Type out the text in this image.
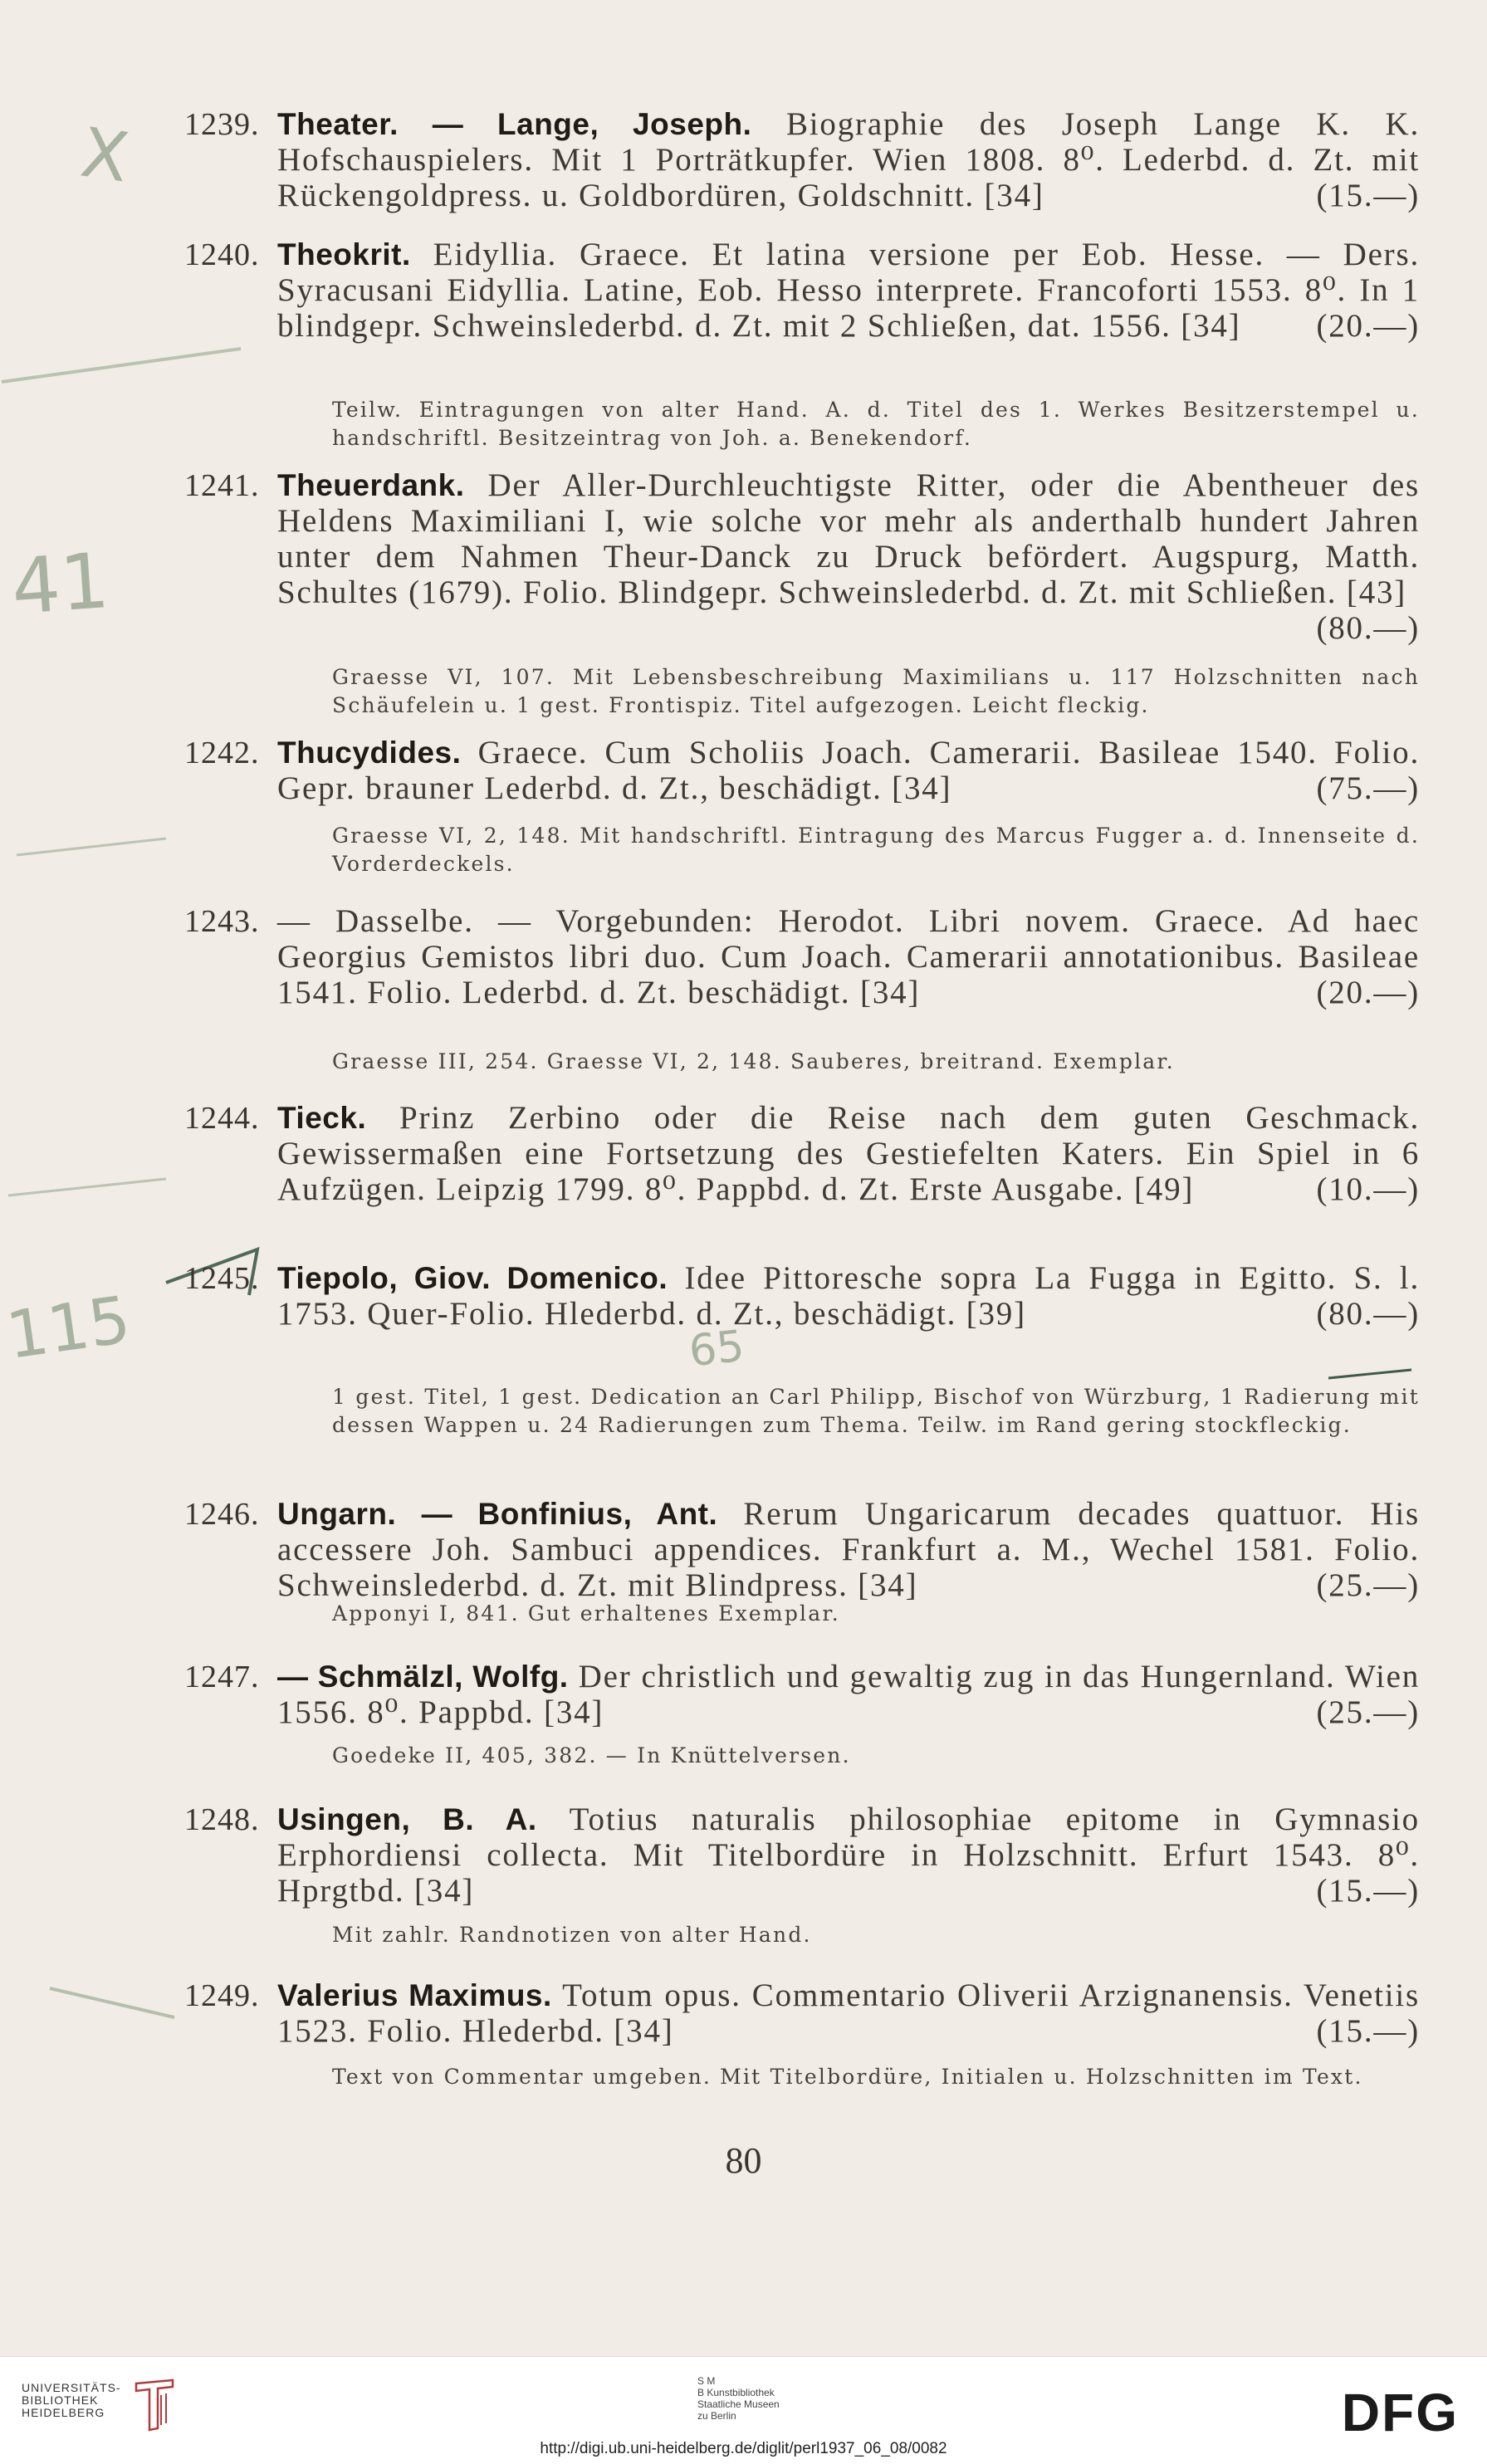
41
115	65
X 1239. Theater. — Lange, Joseph. Biographie des Joseph Lange K. K. Hofschauspielers. Mit 1 Porträtkupfer. Wien 1808. 8⁰. Lederbd. d. Zt. mit Rückengoldpress. u. Goldbordüren, Goldschnitt. [34]	(15.—)
1240. Theokrit. Eidyllia. Graece. Et latina versione per Eob. Hesse. — Ders. Syracusani Eidyllia. Latine, Eob. Hesso interprete. Francoforti 1553. 8⁰. In 1 blindgepr. Schweinslederbd. d. Zt. mit 2 Schließen, dat. 1556. [34] (20.—)
Teilw. Eintragungen von alter Hand. A. d. Titel des 1. Werkes Besitzerstempel u. handschriftl. Besitzeintrag von Joh. a. Benekendorf.
1241. Theuerdank. Der Aller-Durchleuchtigste Ritter, oder die Abentheuer des Heldens Maximiliani I, wie solche vor mehr als anderthalb hundert Jahren unter dem Nahmen Theur-Danck zu Druck befördert. Augspurg, Matth. Schultes (1679). Folio. Blindgepr. Schweinslederbd. d. Zt. mit Schließen. [43]
(80.—)
Graesse VI, 107. Mit Lebensbeschreibung Maximilians u. 117 Holzschnitten nach Schäufelein u. 1 gest. Frontispiz. Titel aufgezogen. Leicht fleckig.
1242. Thucydides. Graece. Cum Scholiis Joach. Camerarii. Basileae 1540. Folio. Gepr. brauner Lederbd. d. Zt., beschädigt. [34]	(75.—)
Graesse VI, 2, 148. Mit handschriftl. Eintragung des Marcus Fugger a. d. Innenseite d. Vorderdeckels.
1243. — Dasselbe. — Vorgebunden: Herodot. Libri novem. Graece. Ad haec Georgius Gemistos libri duo. Cum Joach. Camerarii annotationibus. Basileae 1541. Folio. Lederbd. d. Zt. beschädigt. [34]	(20.—)
Graesse III, 254. Graesse VI, 2, 148. Sauberes, breitrand. Exemplar.
1244. Tieck. Prinz Zerbino oder die Reise nach dem guten Geschmack. Gewissermaßen eine Fortsetzung des Gestiefelten Katers. Ein Spiel in 6 Aufzügen. Leipzig 1799. 8⁰. Pappbd. d. Zt. Erste Ausgabe. [49]	(10.—)
1245. Tiepolo, Giov. Domenico. Idee Pittoresche sopra La Fugga in Egitto. S. l. 1753. Quer-Folio. Hlederbd. d. Zt., beschädigt. [39]	(80.—)
1 gest. Titel, 1 gest. Dedication an Carl Philipp, Bischof von Würzburg, 1 Radierung mit dessen Wappen u. 24 Radierungen zum Thema. Teilw. im Rand gering stockfleckig.
1246. Ungarn. — Bonfinius, Ant. Rerum Ungaricarum decades quattuor. His accessere Joh. Sambuci appendices. Frankfurt a. M., Wechel 1581. Folio. Schweinslederbd. d. Zt. mit Blindpress. [34]	(25.—)
Apponyi I, 841. Gut erhaltenes Exemplar.
1247. — Schmälzl, Wolfg. Der christlich und gewaltig zug in das Hungernland. Wien 1556. 8⁰. Pappbd. [34]	(25.—)
Goedeke II, 405, 382. — In Knüttelversen.
1248. Usingen, B. A. Totius naturalis philosophiae epitome in Gymnasio Erphordiensi collecta. Mit Titelbordüre in Holzschnitt. Erfurt 1543. 8⁰. Hprgtbd. [34]	(15.—)
Mit zahlr. Randnotizen von alter Hand.
1249. Valerius Maximus. Totum opus. Commentario Oliverii Arzignanensis. Venetiis 1523. Folio. Hlederbd. [34]	(15.—)
Text von Commentar umgeben. Mit Titelbordüre, Initialen u. Holzschnitten im Text.
80
UNIVERSITÄTS-
BIBLIOTHEK
HEIDELBERG
S M
B Kunstbibliothek
Staatliche Museen
zu Berlin	DFG
http://digi.ub.uni-heidelberg.de/diglit/perl1937_06_08/0082
